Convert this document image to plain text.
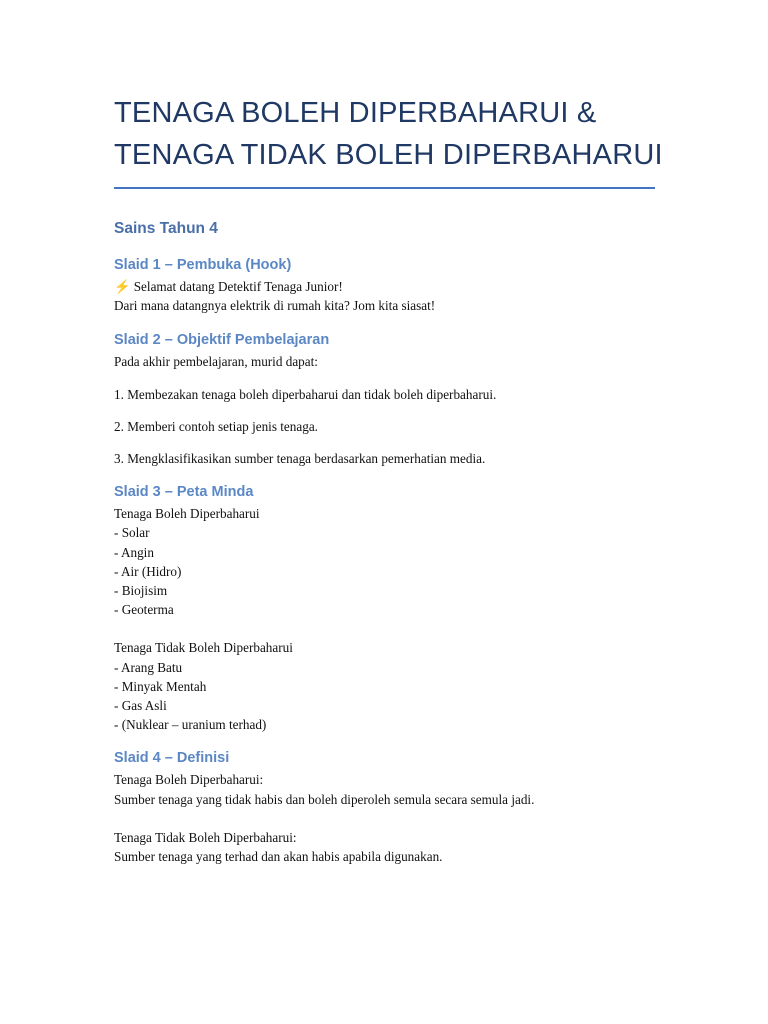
TENAGA BOLEH DIPERBAHARUI &
TENAGA TIDAK BOLEH DIPERBAHARUI

Sains Tahun 4

Slaid 1 – Pembuka (Hook)

⚡ Selamat datang Detektif Tenaga Junior!
Dari mana datangnya elektrik di rumah kita? Jom kita siasat!

Slaid 2 – Objektif Pembelajaran

Pada akhir pembelajaran, murid dapat:

1. Membezakan tenaga boleh diperbaharui dan tidak boleh diperbaharui.

2. Memberi contoh setiap jenis tenaga.

3. Mengklasifikasikan sumber tenaga berdasarkan pemerhatian media.

Slaid 3 – Peta Minda

Tenaga Boleh Diperbaharui
- Solar
- Angin
- Air (Hidro)
- Biojisim
- Geoterma
Tenaga Tidak Boleh Diperbaharui
- Arang Batu
- Minyak Mentah
- Gas Asli
- (Nuklear – uranium terhad)

Slaid 4 – Definisi

Tenaga Boleh Diperbaharui:
Sumber tenaga yang tidak habis dan boleh diperoleh semula secara semula jadi.
Tenaga Tidak Boleh Diperbaharui:
Sumber tenaga yang terhad dan akan habis apabila digunakan.
